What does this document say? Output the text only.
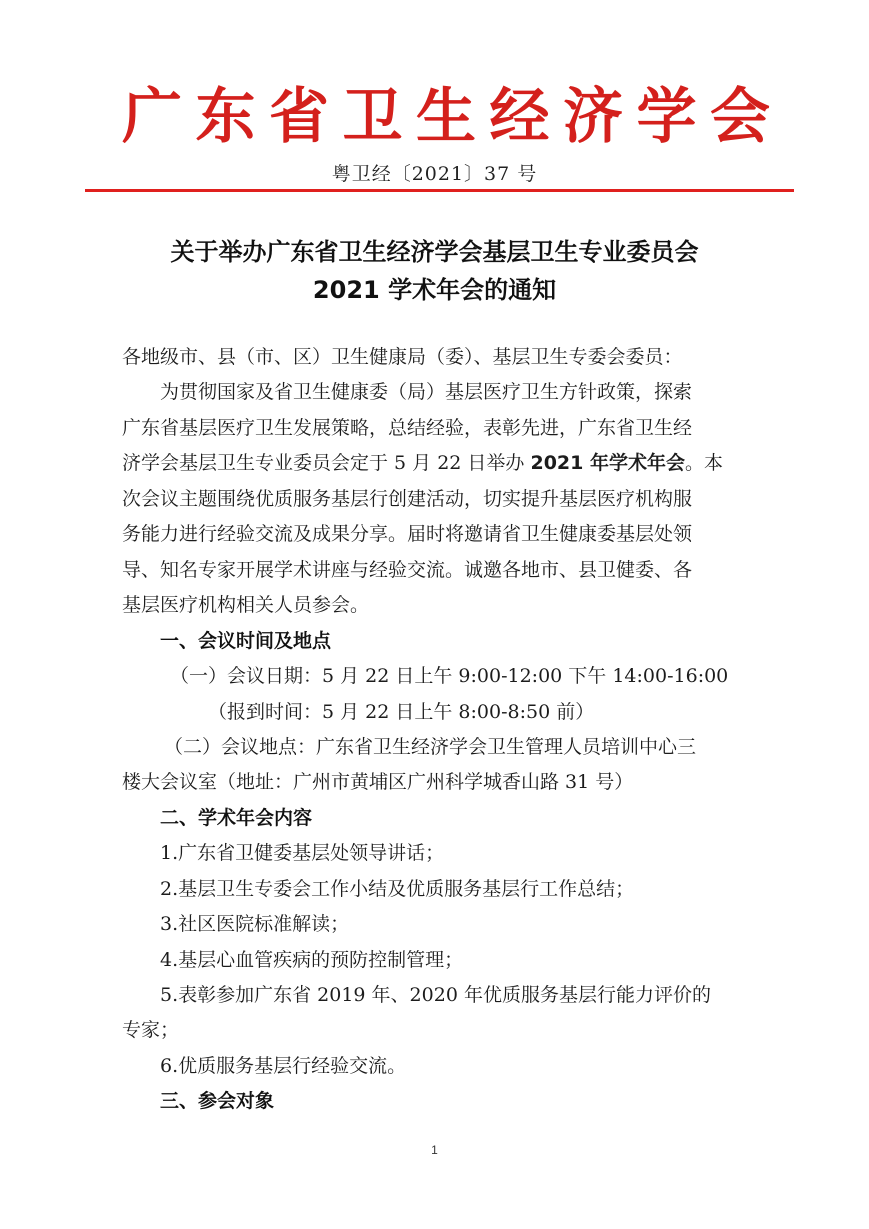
广 东 省 卫 生 经 济 学 会
粤卫经〔2021〕37 号
关于举办广东省卫生经济学会基层卫生专业委员会
2021 学术年会的通知
各地级市、县（市、区）卫生健康局（委）、基层卫生专委会委员：
为贯彻国家及省卫生健康委（局）基层医疗卫生方针政策，探索
广东省基层医疗卫生发展策略，总结经验，表彰先进，广东省卫生经
济学会基层卫生专业委员会定于 5 月 22 日举办 2021 年学术年会。本
次会议主题围绕优质服务基层行创建活动，切实提升基层医疗机构服
务能力进行经验交流及成果分享。届时将邀请省卫生健康委基层处领
导、知名专家开展学术讲座与经验交流。诚邀各地市、县卫健委、各
基层医疗机构相关人员参会。
一、会议时间及地点
（一）会议日期：5 月 22 日上午 9:00-12:00 下午 14:00-16:00
（报到时间：5 月 22 日上午 8:00-8:50 前）
（二）会议地点：广东省卫生经济学会卫生管理人员培训中心三
楼大会议室（地址：广州市黄埔区广州科学城香山路 31 号）
二、学术年会内容
1.广东省卫健委基层处领导讲话；
2.基层卫生专委会工作小结及优质服务基层行工作总结；
3.社区医院标准解读；
4.基层心血管疾病的预防控制管理；
5.表彰参加广东省 2019 年、2020 年优质服务基层行能力评价的
专家；
6.优质服务基层行经验交流。
三、参会对象
1
